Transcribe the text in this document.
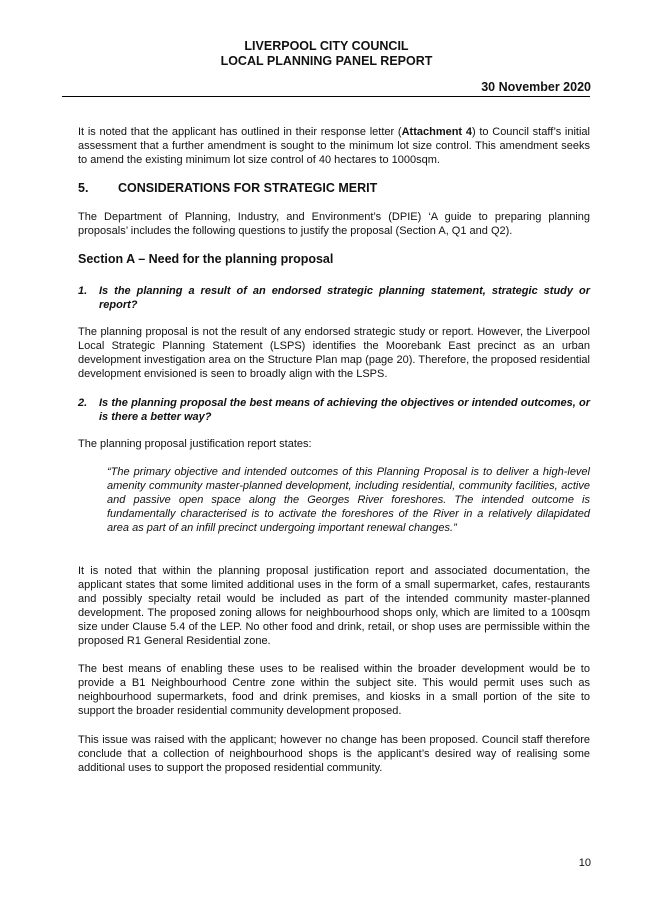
LIVERPOOL CITY COUNCIL
LOCAL PLANNING PANEL REPORT
30 November 2020
It is noted that the applicant has outlined in their response letter (Attachment 4) to Council staff’s initial assessment that a further amendment is sought to the minimum lot size control. This amendment seeks to amend the existing minimum lot size control of 40 hectares to 1000sqm.
5. CONSIDERATIONS FOR STRATEGIC MERIT
The Department of Planning, Industry, and Environment’s (DPIE) ‘A guide to preparing planning proposals’ includes the following questions to justify the proposal (Section A, Q1 and Q2).
Section A – Need for the planning proposal
1.	Is the planning a result of an endorsed strategic planning statement, strategic study or report?
The planning proposal is not the result of any endorsed strategic study or report. However, the Liverpool Local Strategic Planning Statement (LSPS) identifies the Moorebank East precinct as an urban development investigation area on the Structure Plan map (page 20). Therefore, the proposed residential development envisioned is seen to broadly align with the LSPS.
2.	Is the planning proposal the best means of achieving the objectives or intended outcomes, or is there a better way?
The planning proposal justification report states:
“The primary objective and intended outcomes of this Planning Proposal is to deliver a high-level amenity community master-planned development, including residential, community facilities, active and passive open space along the Georges River foreshores. The intended outcome is fundamentally characterised is to activate the foreshores of the River in a relatively dilapidated area as part of an infill precinct undergoing important renewal changes.”
It is noted that within the planning proposal justification report and associated documentation, the applicant states that some limited additional uses in the form of a small supermarket, cafes, restaurants and possibly specialty retail would be included as part of the intended community master-planned development. The proposed zoning allows for neighbourhood shops only, which are limited to a 100sqm size under Clause 5.4 of the LEP. No other food and drink, retail, or shop uses are permissible within the proposed R1 General Residential zone.
The best means of enabling these uses to be realised within the broader development would be to provide a B1 Neighbourhood Centre zone within the subject site. This would permit uses such as neighbourhood supermarkets, food and drink premises, and kiosks in a small portion of the site to support the broader residential community development proposed.
This issue was raised with the applicant; however no change has been proposed. Council staff therefore conclude that a collection of neighbourhood shops is the applicant’s desired way of realising some additional uses to support the proposed residential community.
10
